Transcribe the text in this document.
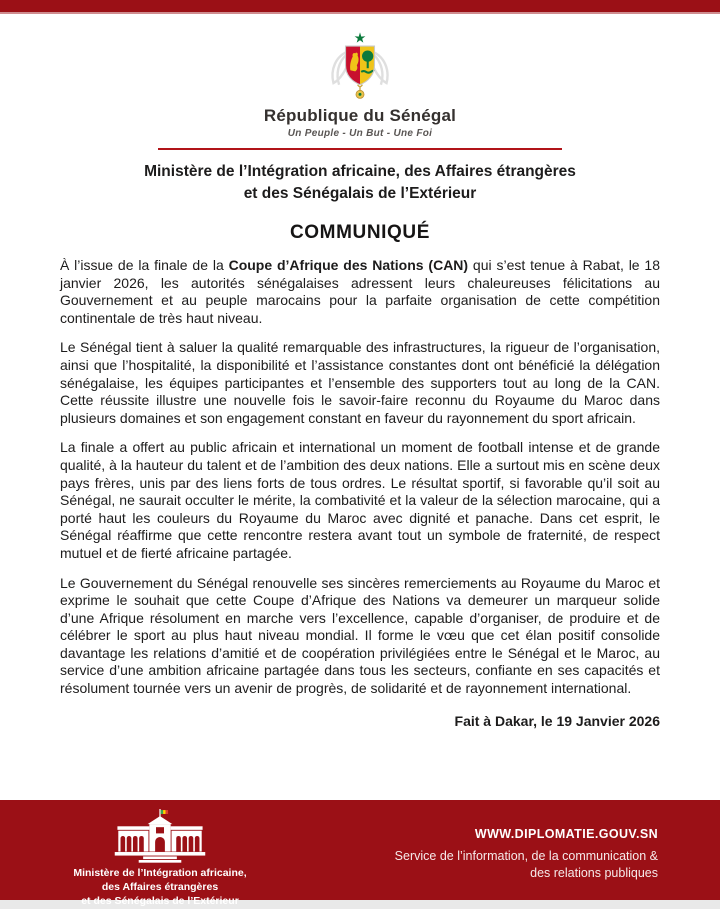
République du Sénégal
Un Peuple - Un But - Une Foi
Ministère de l’Intégration africaine, des Affaires étrangères
et des Sénégalais de l’Extérieur
COMMUNIQUÉ

À l’issue de la finale de la Coupe d’Afrique des Nations (CAN) qui s’est tenue à Rabat, le 18 janvier 2026, les autorités sénégalaises adressent leurs chaleureuses félicitations au Gouvernement et au peuple marocains pour la parfaite organisation de cette compétition continentale de très haut niveau.

Le Sénégal tient à saluer la qualité remarquable des infrastructures, la rigueur de l’organisation, ainsi que l’hospitalité, la disponibilité et l’assistance constantes dont ont bénéficié la délégation sénégalaise, les équipes participantes et l’ensemble des supporters tout au long de la CAN. Cette réussite illustre une nouvelle fois le savoir-faire reconnu du Royaume du Maroc dans plusieurs domaines et son engagement constant en faveur du rayonnement du sport africain.

La finale a offert au public africain et international un moment de football intense et de grande qualité, à la hauteur du talent et de l’ambition des deux nations. Elle a surtout mis en scène deux pays frères, unis par des liens forts de tous ordres. Le résultat sportif, si favorable qu’il soit au Sénégal, ne saurait occulter le mérite, la combativité et la valeur de la sélection marocaine, qui a porté haut les couleurs du Royaume du Maroc avec dignité et panache. Dans cet esprit, le Sénégal réaffirme que cette rencontre restera avant tout un symbole de fraternité, de respect mutuel et de fierté africaine partagée.

Le Gouvernement du Sénégal renouvelle ses sincères remerciements au Royaume du Maroc et exprime le souhait que cette Coupe d’Afrique des Nations va demeurer un marqueur solide d’une Afrique résolument en marche vers l’excellence, capable d’organiser, de produire et de célébrer le sport au plus haut niveau mondial. Il forme le vœu que cet élan positif consolide davantage les relations d’amitié et de coopération privilégiées entre le Sénégal et le Maroc, au service d’une ambition africaine partagée dans tous les secteurs, confiante en ses capacités et résolument tournée vers un avenir de progrès, de solidarité et de rayonnement international.

Fait à Dakar, le 19 Janvier 2026

Ministère de l’Intégration africaine,
des Affaires étrangères
et des Sénégalais de l’Extérieur
WWW.DIPLOMATIE.GOUV.SN
Service de l’information, de la communication &
des relations publiques
